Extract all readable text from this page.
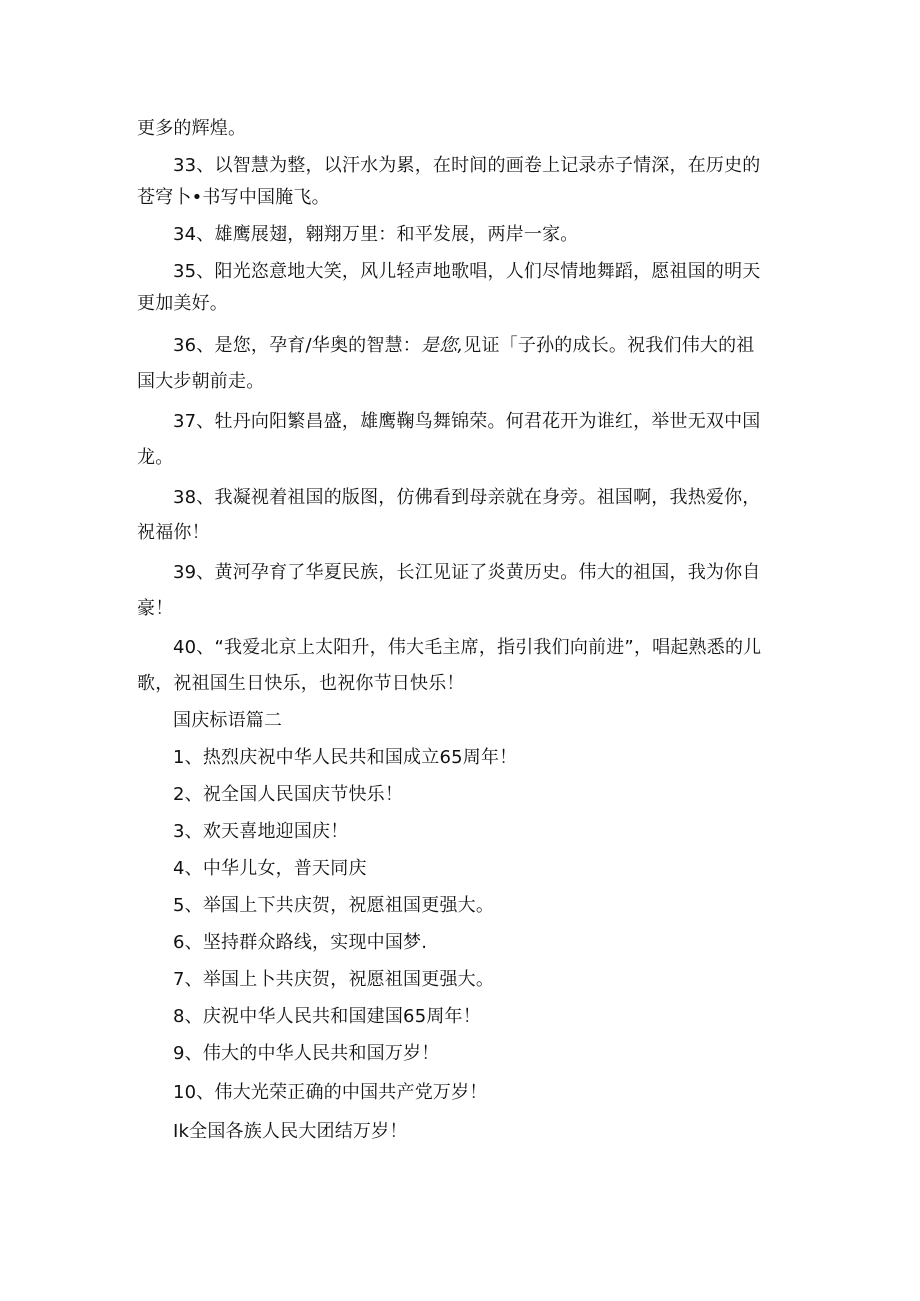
更多的辉煌。
33、以智慧为整，以汗水为累，在时间的画卷上记录赤子情深，在历史的
苍穹卜•书写中国腌飞。
34、雄鹰展翅，翱翔万里：和平发展，两岸一家。
35、阳光恣意地大笑，风儿轻声地歌唱，人们尽情地舞蹈，愿祖国的明天
更加美好。
36、是您，孕育/华奥的智慧：是您,见证「子孙的成长。祝我们伟大的祖
国大步朝前走。
37、牡丹向阳繁昌盛，雄鹰鞠鸟舞锦荣。何君花开为谁红，举世无双中国
龙。
38、我凝视着祖国的版图，仿佛看到母亲就在身旁。祖国啊，我热爱你，
祝福你！
39、黄河孕育了华夏民族，长江见证了炎黄历史。伟大的祖国，我为你自
豪！
40、“我爱北京上太阳升，伟大毛主席，指引我们向前进”，唱起熟悉的儿
歌，祝祖国生日快乐，也祝你节日快乐！
国庆标语篇二
1、热烈庆祝中华人民共和国成立65周年！
2、祝全国人民国庆节快乐！
3、欢天喜地迎国庆！
4、中华儿女，普天同庆
5、举国上下共庆贺，祝愿祖国更强大。
6、坚持群众路线，实现中国梦.
7、举国上卜共庆贺，祝愿祖国更强大。
8、庆祝中华人民共和国建国65周年！
9、伟大的中华人民共和国万岁！
10、伟大光荣正确的中国共产党万岁！
Ik全国各族人民大团结万岁！
